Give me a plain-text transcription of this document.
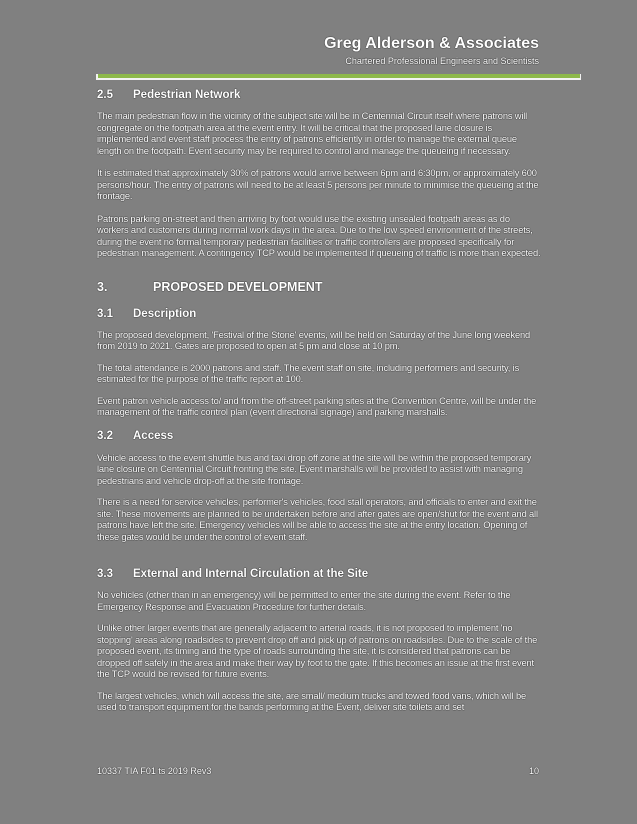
Greg Alderson & Associates
Chartered Professional Engineers and Scientists
2.5	Pedestrian Network

The main pedestrian flow in the vicinity of the subject site will be in Centennial Circuit itself where patrons will congregate on the footpath area at the event entry. It will be critical that the proposed lane closure is implemented and event staff process the entry of patrons efficiently in order to manage the external queue length on the footpath. Event security may be required to control and manage the queueing if necessary.

It is estimated that approximately 30% of patrons would arrive between 6pm and 6:30pm, or approximately 600 persons/hour. The entry of patrons will need to be at least 5 persons per minute to minimise the queueing at the frontage.

Patrons parking on-street and then arriving by foot would use the existing unsealed footpath areas as do workers and customers during normal work days in the area. Due to the low speed environment of the streets, during the event no formal temporary pedestrian facilities or traffic controllers are proposed specifically for pedestrian management. A contingency TCP would be implemented if queueing of traffic is more than expected.

3.	PROPOSED DEVELOPMENT
3.1	Description

The proposed development, 'Festival of the Stone' events, will be held on Saturday of the June long weekend from 2019 to 2021. Gates are proposed to open at 5 pm and close at 10 pm.

The total attendance is 2000 patrons and staff. The event staff on site, including performers and security, is estimated for the purpose of the traffic report at 100.

Event patron vehicle access to/ and from the off-street parking sites at the Convention Centre, will be under the management of the traffic control plan (event directional signage) and parking marshalls.

3.2	Access

Vehicle access to the event shuttle bus and taxi drop off zone at the site will be within the proposed temporary lane closure on Centennial Circuit fronting the site. Event marshalls will be provided to assist with managing pedestrians and vehicle drop-off at the site frontage.

There is a need for service vehicles, performer's vehicles, food stall operators, and officials to enter and exit the site. These movements are planned to be undertaken before and after gates are open/shut for the event and all patrons have left the site. Emergency vehicles will be able to access the site at the entry location. Opening of these gates would be under the control of event staff.

3.3	External and Internal Circulation at the Site

No vehicles (other than in an emergency) will be permitted to enter the site during the event. Refer to the Emergency Response and Evacuation Procedure for further details.

Unlike other larger events that are generally adjacent to arterial roads, it is not proposed to implement 'no stopping' areas along roadsides to prevent drop off and pick up of patrons on roadsides. Due to the scale of the proposed event, its timing and the type of roads surrounding the site, it is considered that patrons can be dropped off safely in the area and make their way by foot to the gate. If this becomes an issue at the first event the TCP would be revised for future events.

The largest vehicles, which will access the site, are small/ medium trucks and towed food vans, which will be used to transport equipment for the bands performing at the Event, deliver site toilets and set

10337 TIA F01 ts 2019 Rev3	10
